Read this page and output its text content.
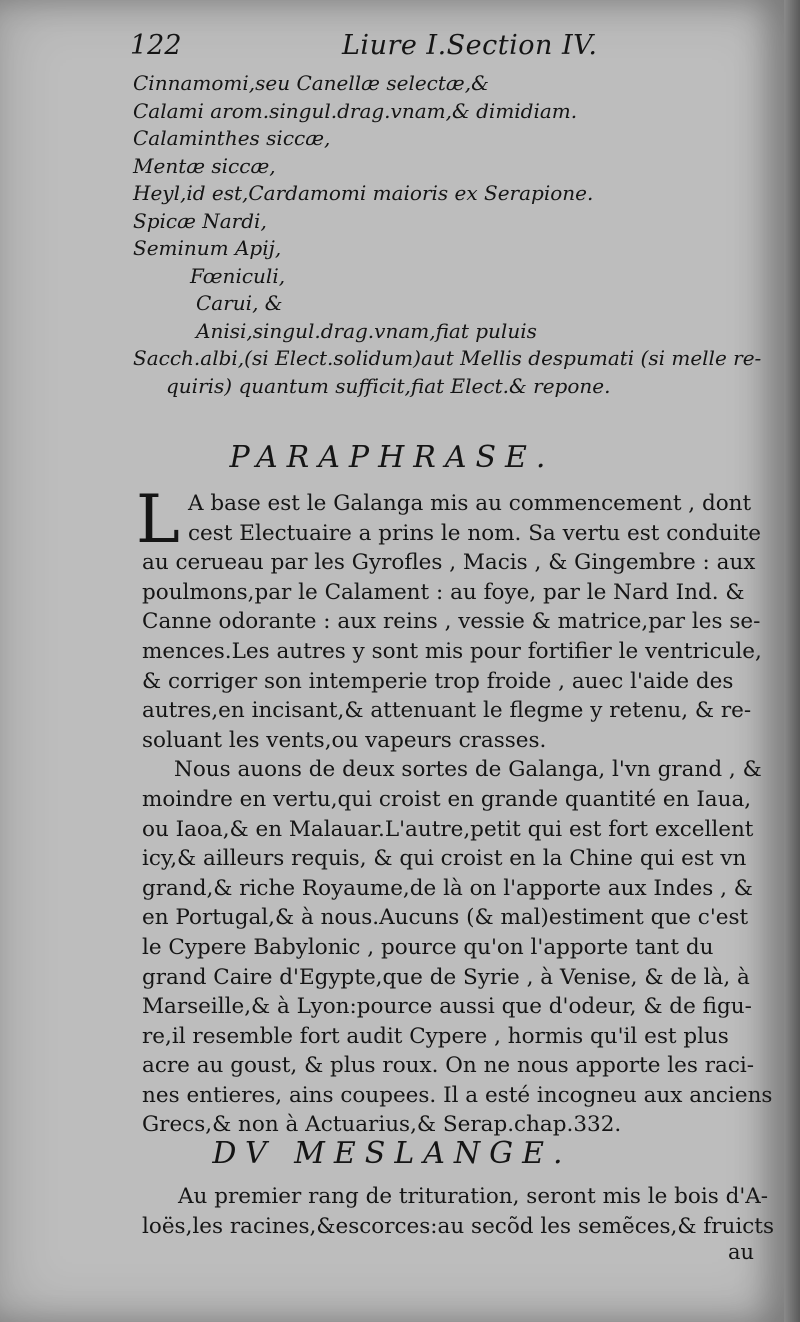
122	Liure I.Section IV.
Cinnamomi,seu Canellæ selectæ,&
Calami arom.singul.drag.vnam,& dimidiam.
Calaminthes siccæ,
Mentæ siccæ,
Heyl,id est,Cardamomi maioris ex Serapione.
Spicæ Nardi,
Seminum Apij,
Fœniculi,
Carui, &
Anisi,singul.drag.vnam,fiat puluis
Sacch.albi,(si Elect.solidum)aut Mellis despumati (si melle re-
quiris) quantum sufficit,fiat Elect.& repone.
PARAPHRASE.
L A base est le Galanga mis au commencement , dont
cest Electuaire a prins le nom. Sa vertu est conduite
au cerueau par les Gyrofles , Macis , & Gingembre : aux
poulmons,par le Calament : au foye, par le Nard Ind. &
Canne odorante : aux reins , vessie & matrice,par les se-
mences.Les autres y sont mis pour fortifier le ventricule,
& corriger son intemperie trop froide , auec l'aide des
autres,en incisant,& attenuant le flegme y retenu, & re-
soluant les vents,ou vapeurs crasses.
Nous auons de deux sortes de Galanga, l'vn grand , &
moindre en vertu,qui croist en grande quantité en Iaua,
ou Iaoa,& en Malauar.L'autre,petit qui est fort excellent
icy,& ailleurs requis, & qui croist en la Chine qui est vn
grand,& riche Royaume,de là on l'apporte aux Indes , &
en Portugal,& à nous.Aucuns (& mal)estiment que c'est
le Cypere Babylonic , pource qu'on l'apporte tant du
grand Caire d'Egypte,que de Syrie , à Venise, & de là, à
Marseille,& à Lyon:pource aussi que d'odeur, & de figu-
re,il resemble fort audit Cypere , hormis qu'il est plus
acre au goust, & plus roux. On ne nous apporte les raci-
nes entieres, ains coupees. Il a esté incogneu aux anciens
Grecs,& non à Actuarius,& Serap.chap.332.
DV MESLANGE.
Au premier rang de trituration, seront mis le bois d'A-
loës,les racines,&escorces:au secõd les semẽces,& fruicts
au
